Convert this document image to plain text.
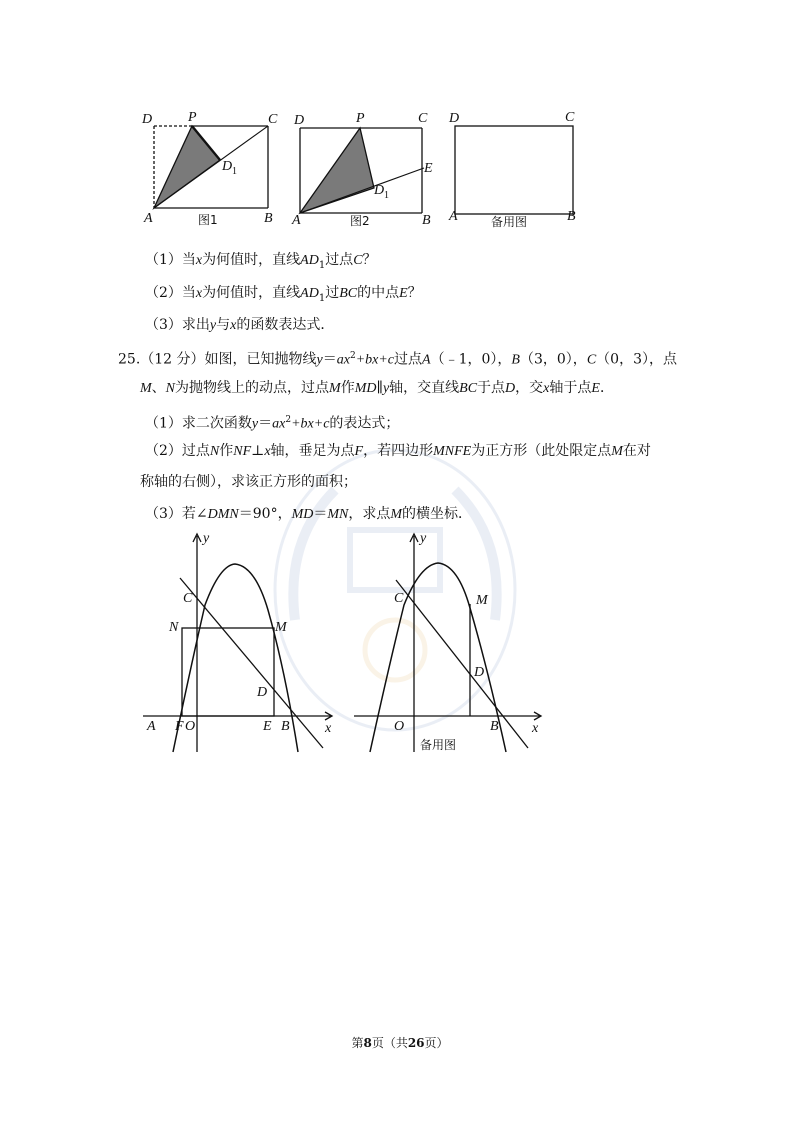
D	P	C
D 1
A	B
图1
D	P	C
E
D 1
A	B
图2
D	C
A	B
备用图
（1）当x为何值时，直线$AD_1$过点C？
（2）当x为何值时，直线$AD_1$过BC的中点E？
（3）求出y与x的函数表达式．
25.（12 分）如图，已知抛物线$y=ax^2+bx+c$过点A（﹣1，0），B（3，0），C（0，3），点
M、N为抛物线上的动点，过点M作MD∥y轴，交直线BC于点D，交x轴于点E．
（1）求二次函数$y=ax^2+bx+c$的表达式；
（2）过点N作NF⊥x轴，垂足为点F，若四边形MNFE为正方形（此处限定点M在对
称轴的右侧），求该正方形的面积；
（3）若∠DMN＝90°，MD＝MN，求点M的横坐标．
y
x
C
N	M
D
A F O	E B
y
x
C	M
D
O	B
备用图
第8页（共26页）
